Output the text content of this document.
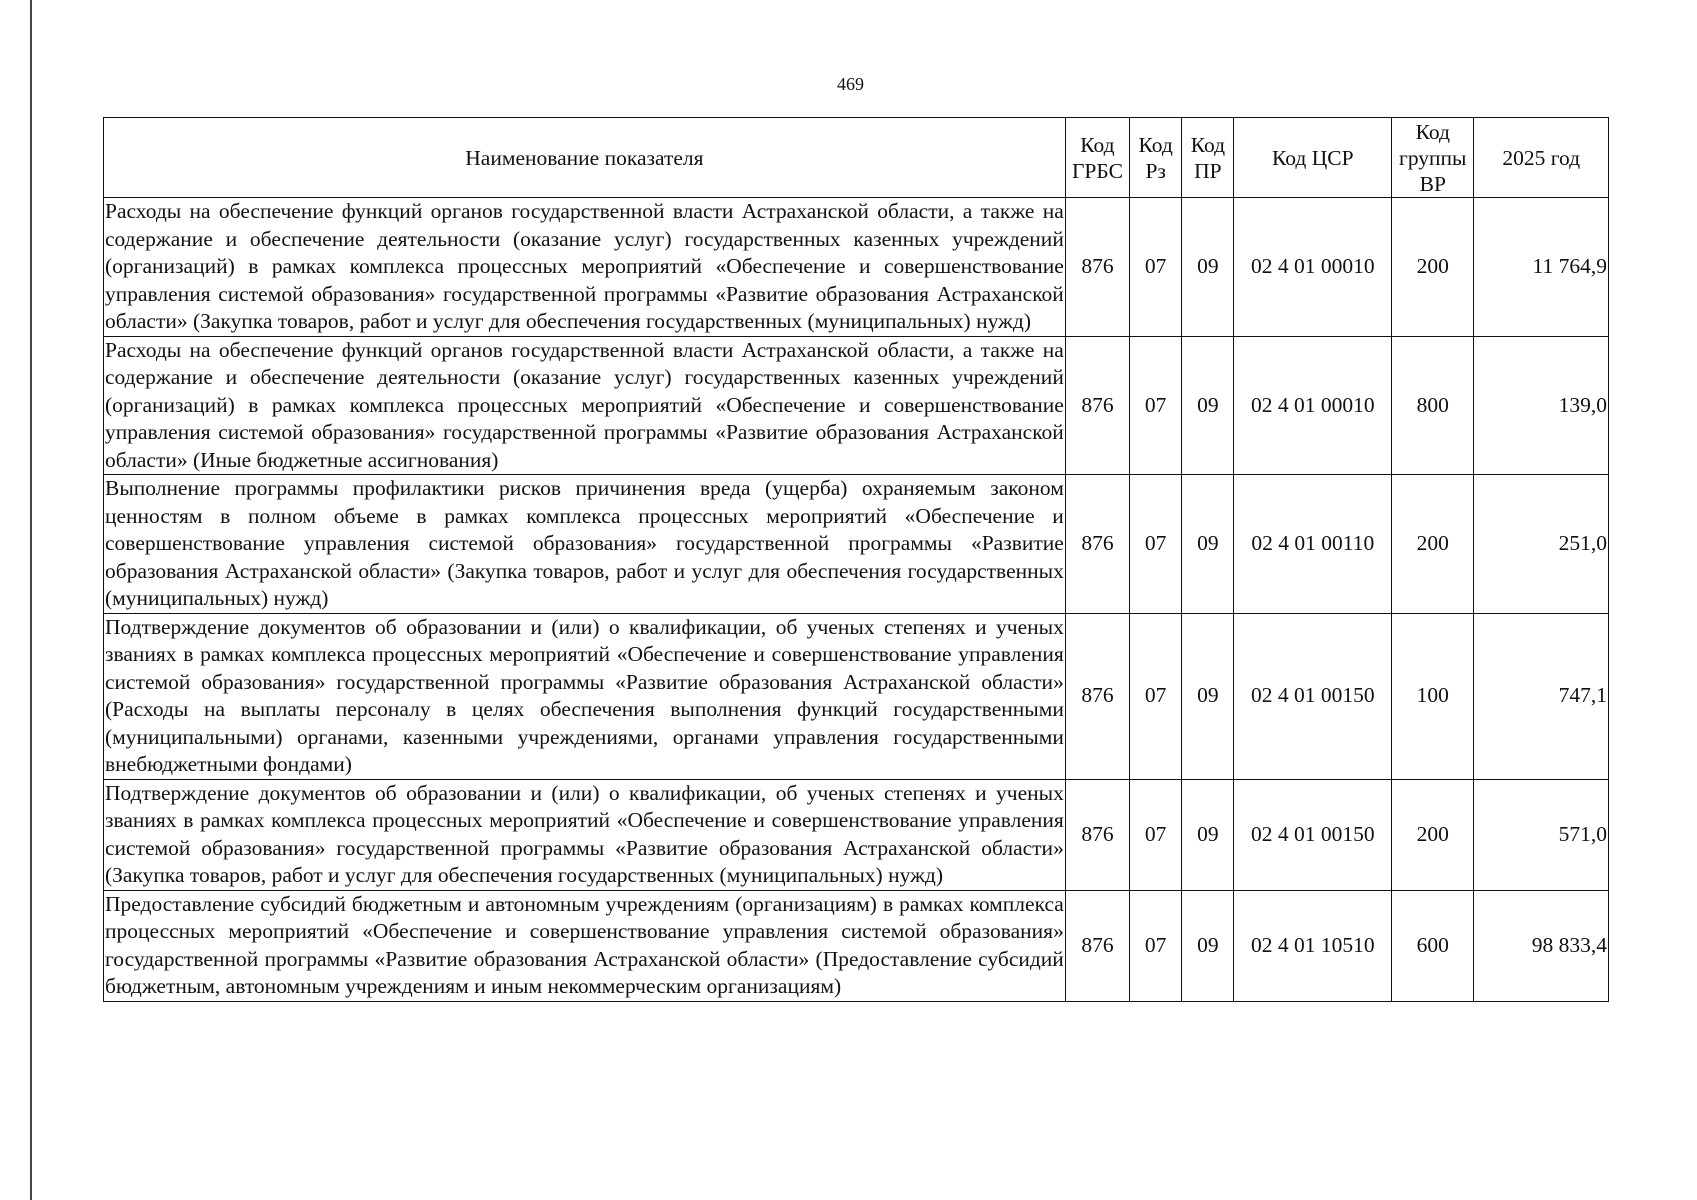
469
Наименование показателя	Код ГРБС	Код Рз	Код ПР	Код ЦСР	Код группы ВР	2025 год
Расходы на обеспечение функций органов государственной власти Астраханской области, а также на содержание и обеспечение деятельности (оказание услуг) государственных казенных учреждений (организаций) в рамках комплекса процессных мероприятий «Обеспечение и совершенствование управления системой образования» государственной программы «Развитие образования Астраханской области» (Закупка товаров, работ и услуг для обеспечения государственных (муниципальных) нужд)	876	07	09	02 4 01 00010	200	11 764,9
Расходы на обеспечение функций органов государственной власти Астраханской области, а также на содержание и обеспечение деятельности (оказание услуг) государственных казенных учреждений (организаций) в рамках комплекса процессных мероприятий «Обеспечение и совершенствование управления системой образования» государственной программы «Развитие образования Астраханской области» (Иные бюджетные ассигнования)	876	07	09	02 4 01 00010	800	139,0
Выполнение программы профилактики рисков причинения вреда (ущерба) охраняемым законом ценностям в полном объеме в рамках комплекса процессных мероприятий «Обеспечение и совершенствование управления системой образования» государственной программы «Развитие образования Астраханской области» (Закупка товаров, работ и услуг для обеспечения государственных (муниципальных) нужд)	876	07	09	02 4 01 00110	200	251,0
Подтверждение документов об образовании и (или) о квалификации, об ученых степенях и ученых званиях в рамках комплекса процессных мероприятий «Обеспечение и совершенствование управления системой образования» государственной программы «Развитие образования Астраханской области» (Расходы на выплаты персоналу в целях обеспечения выполнения функций государственными (муниципальными) органами, казенными учреждениями, органами управления государственными внебюджетными фондами)	876	07	09	02 4 01 00150	100	747,1
Подтверждение документов об образовании и (или) о квалификации, об ученых степенях и ученых званиях в рамках комплекса процессных мероприятий «Обеспечение и совершенствование управления системой образования» государственной программы «Развитие образования Астраханской области» (Закупка товаров, работ и услуг для обеспечения государственных (муниципальных) нужд)	876	07	09	02 4 01 00150	200	571,0
Предоставление субсидий бюджетным и автономным учреждениям (организациям) в рамках комплекса процессных мероприятий «Обеспечение и совершенствование управления системой образования» государственной программы «Развитие образования Астраханской области» (Предоставление субсидий бюджетным, автономным учреждениям и иным некоммерческим организациям)	876	07	09	02 4 01 10510	600	98 833,4
